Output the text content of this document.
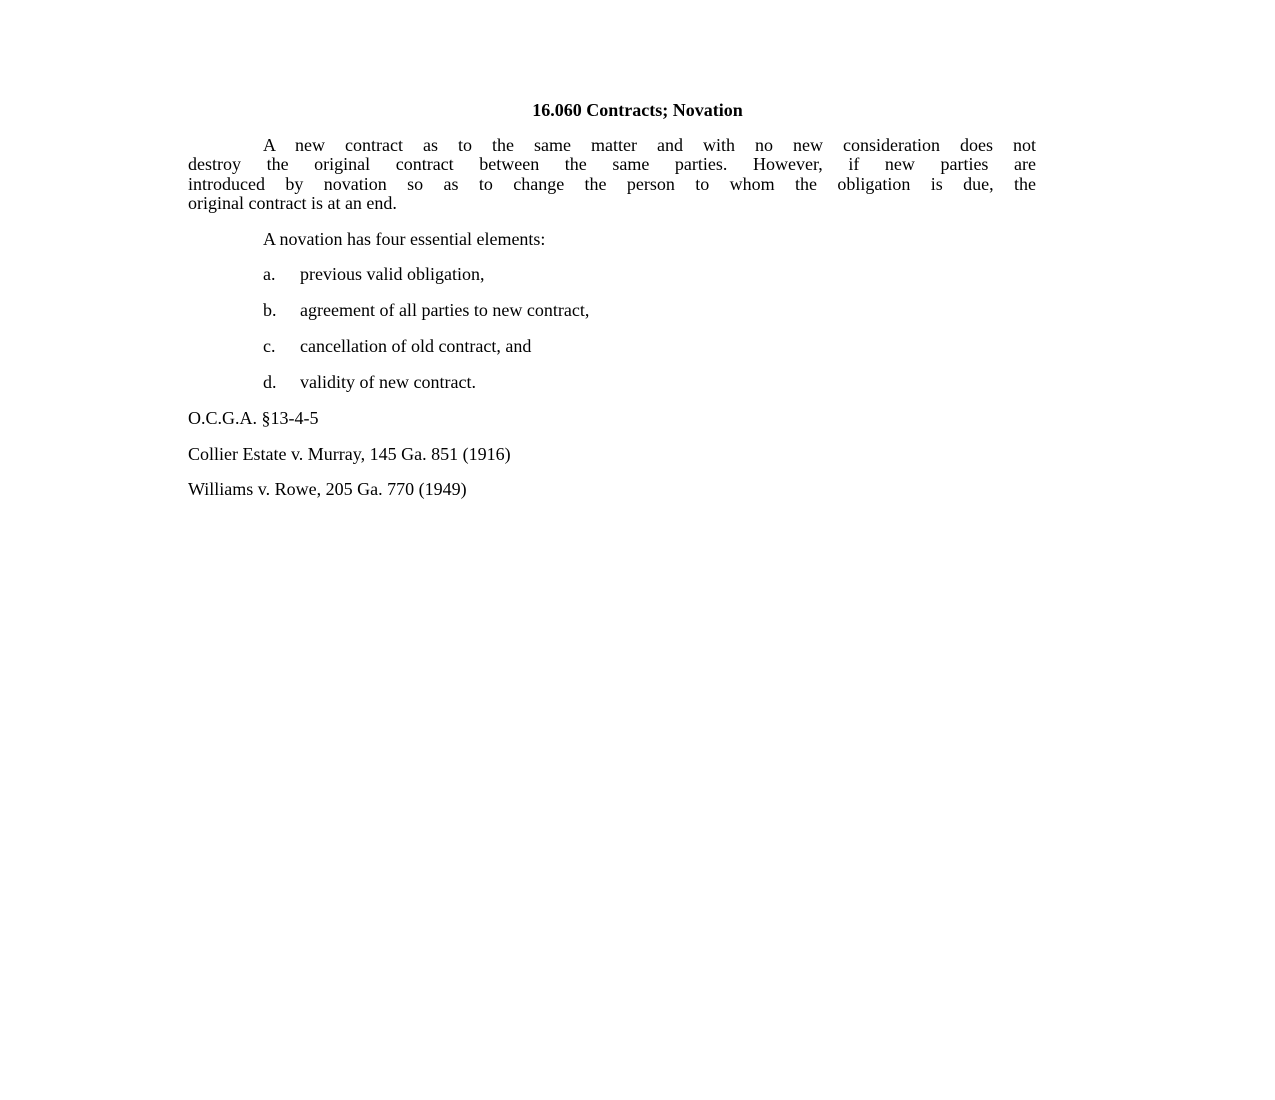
16.060 Contracts; Novation
A new contract as to the same matter and with no new consideration does not
destroy the original contract between the same parties. However, if new parties are
introduced by novation so as to change the person to whom the obligation is due, the
original contract is at an end.
A novation has four essential elements:
a. previous valid obligation,
b. agreement of all parties to new contract,
c. cancellation of old contract, and
d. validity of new contract.
O.C.G.A. §13-4-5
Collier Estate v. Murray, 145 Ga. 851 (1916)
Williams v. Rowe, 205 Ga. 770 (1949)
